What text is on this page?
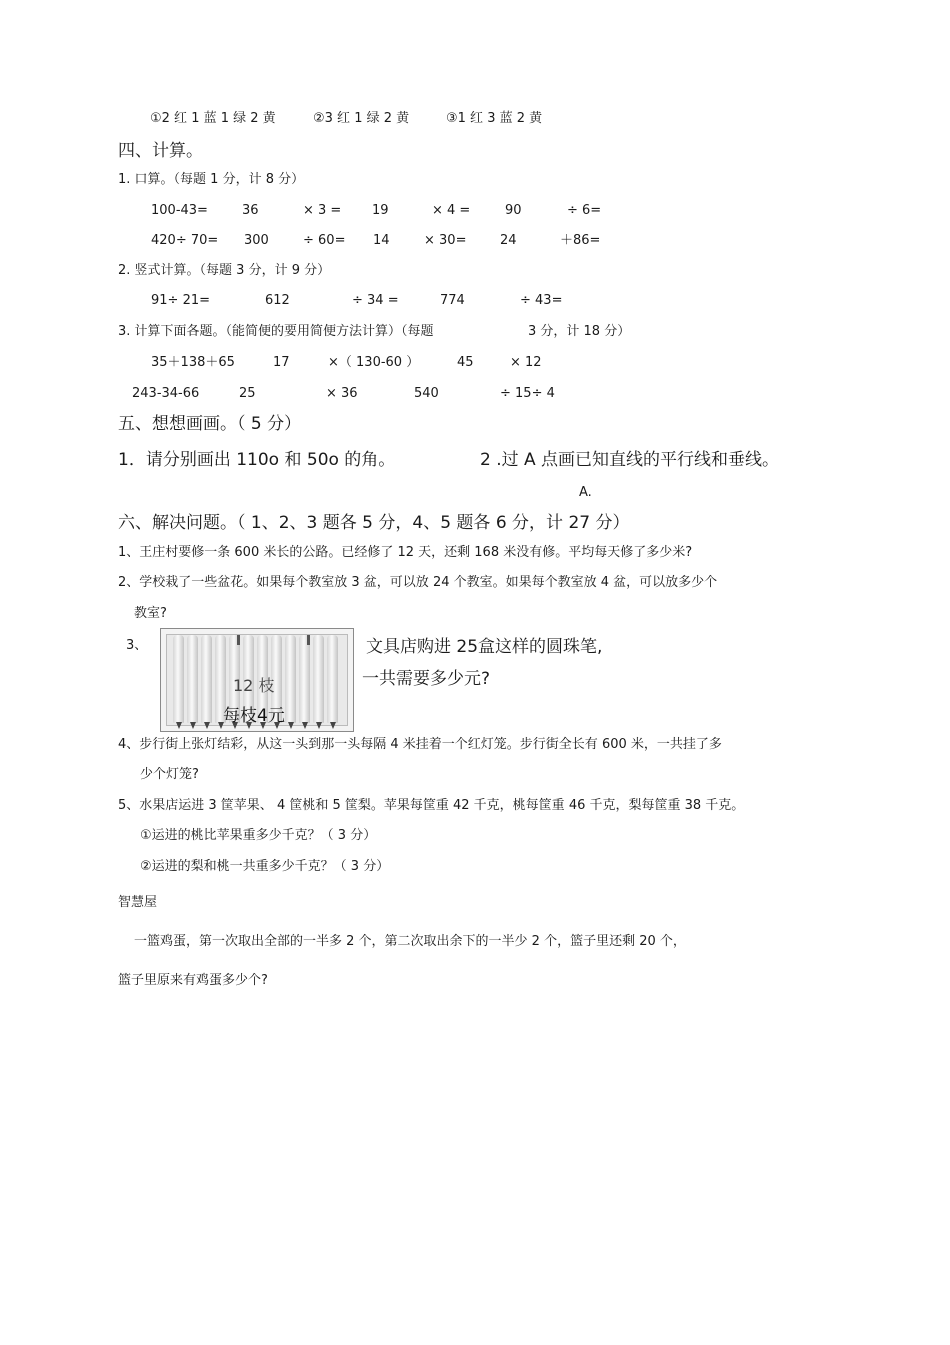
①2 红 1 蓝 1 绿 2 黄	②3 红 1 绿 2 黄	③1 红 3 蓝 2 黄
四、计算。
1. 口算。（每题 1 分，计 8 分）
100-43=	36	× 3 = 19	× 4 =	90	÷ 6=
420÷ 70= 300	÷ 60= 14	× 30=	24	＋86=
2. 竖式计算。（每题 3 分，计 9 分）
91÷ 21=	612	÷ 34 =	774	÷ 43=
3. 计算下面各题。（能简便的要用简便方法计算）（每题	3 分，计 18 分）
35＋138＋65	17	×（ 130-60 ）	45	× 12
243-34-66	25	× 36	540	÷ 15÷ 4
五、想想画画。（ 5 分）
1．请分别画出 110o 和 50o 的角。	2 .过 A 点画已知直线的平行线和垂线。
A.
六、解决问题。（ 1、2、3 题各 5 分，4、5 题各 6 分，计 27 分）
1、王庄村要修一条 600 米长的公路。已经修了 12 天，还剩 168 米没有修。平均每天修了多少米?
2、学校栽了一些盆花。如果每个教室放 3 盆，可以放 24 个教室。如果每个教室放 4 盆，可以放多少个
教室?
3、
12 枝
每枝4元
文具店购进 25盒这样的圆珠笔,
一共需要多少元?
4、步行街上张灯结彩，从这一头到那一头每隔 4 米挂着一个红灯笼。步行街全长有 600 米，一共挂了多
少个灯笼?
5、水果店运进 3 筐苹果、 4 筐桃和 5 筐梨。苹果每筐重 42 千克，桃每筐重 46 千克，梨每筐重 38 千克。
①运进的桃比苹果重多少千克？（ 3 分）
②运进的梨和桃一共重多少千克？（ 3 分）
智慧屋
一篮鸡蛋，第一次取出全部的一半多 2 个，第二次取出余下的一半少 2 个，篮子里还剩 20 个，
篮子里原来有鸡蛋多少个?
